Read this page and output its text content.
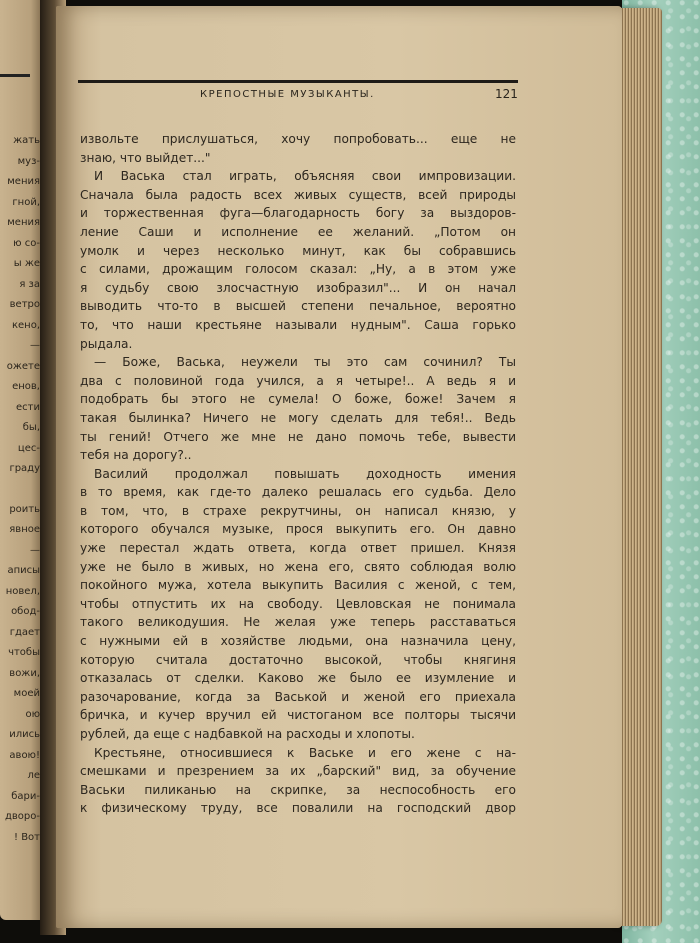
жать
муз-
мения
гной,
мения
ю со-
ы же
я за
ветро
кено,
—
ожете
енов,
ести
бы,
цес-
граду
роить
явное
—
аписы
новел,
обод-
гдает
чтобы
вожи,
моей
ою
ились
авою!
ле
бари-
дворо-
! Вот
КРЕПОСТНЫЕ МУЗЫКАНТЫ.	121
извольте прислушаться, хочу попробовать... еще не
знаю, что выйдет..."
И Васька стал играть, объясняя свои импровизации.
Сначала была радость всех живых существ, всей природы
и торжественная фуга—благодарность богу за выздоров-
ление Саши и исполнение ее желаний. „Потом он
умолк и через несколько минут, как бы собравшись
с силами, дрожащим голосом сказал: „Ну, а в этом уже
я судьбу свою злосчастную изобразил"... И он начал
выводить что-то в высшей степени печальное, вероятно
то, что наши крестьяне называли нудным". Саша горько
рыдала.
— Боже, Васька, неужели ты это сам сочинил? Ты
два с половиной года учился, а я четыре!.. А ведь я и
подобрать бы этого не сумела! О боже, боже! Зачем я
такая былинка? Ничего не могу сделать для тебя!.. Ведь
ты гений! Отчего же мне не дано помочь тебе, вывести
тебя на дорогу?..
Василий продолжал повышать доходность имения
в то время, как где-то далеко решалась его судьба. Дело
в том, что, в страхе рекрутчины, он написал князю, у
которого обучался музыке, прося выкупить его. Он давно
уже перестал ждать ответа, когда ответ пришел. Князя
уже не было в живых, но жена его, свято соблюдая волю
покойного мужа, хотела выкупить Василия с женой, с тем,
чтобы отпустить их на свободу. Цевловская не понимала
такого великодушия. Не желая уже теперь расставаться
с нужными ей в хозяйстве людьми, она назначила цену,
которую считала достаточно высокой, чтобы княгиня
отказалась от сделки. Каково же было ее изумление и
разочарование, когда за Васькой и женой его приехала
бричка, и кучер вручил ей чистоганом все полторы тысячи
рублей, да еще с надбавкой на расходы и хлопоты.
Крестьяне, относившиеся к Ваське и его жене с на-
смешками и презрением за их „барский" вид, за обучение
Васьки пиликанью на скрипке, за неспособность его
к физическому труду, все повалили на господский двор
